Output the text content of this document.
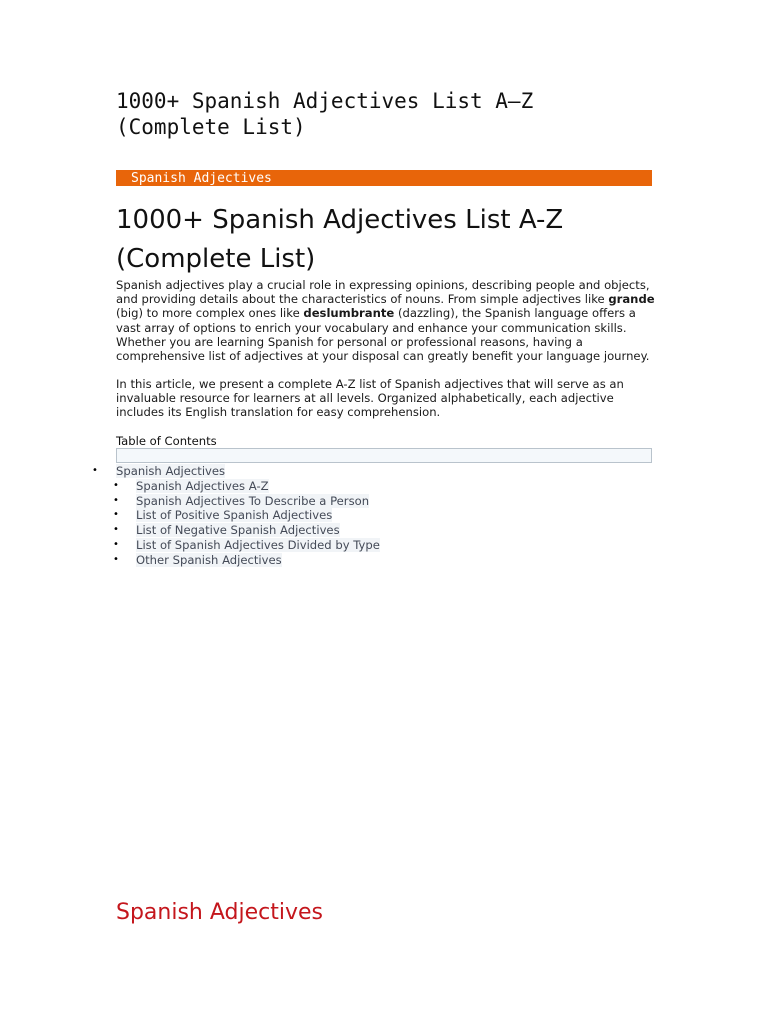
1000+ Spanish Adjectives List A–Z (Complete List)
Spanish Adjectives
1000+ Spanish Adjectives List A-Z (Complete List)

Spanish adjectives play a crucial role in expressing opinions, describing people and objects, and providing details about the characteristics of nouns. From simple adjectives like grande (big) to more complex ones like deslumbrante (dazzling), the Spanish language offers a vast array of options to enrich your vocabulary and enhance your communication skills. Whether you are learning Spanish for personal or professional reasons, having a comprehensive list of adjectives at your disposal can greatly benefit your language journey.

In this article, we present a complete A-Z list of Spanish adjectives that will serve as an invaluable resource for learners at all levels. Organized alphabetically, each adjective includes its English translation for easy comprehension.

Table of Contents
• Spanish Adjectives
• Spanish Adjectives A-Z
• Spanish Adjectives To Describe a Person
• List of Positive Spanish Adjectives
• List of Negative Spanish Adjectives
• List of Spanish Adjectives Divided by Type
• Other Spanish Adjectives
Spanish Adjectives
